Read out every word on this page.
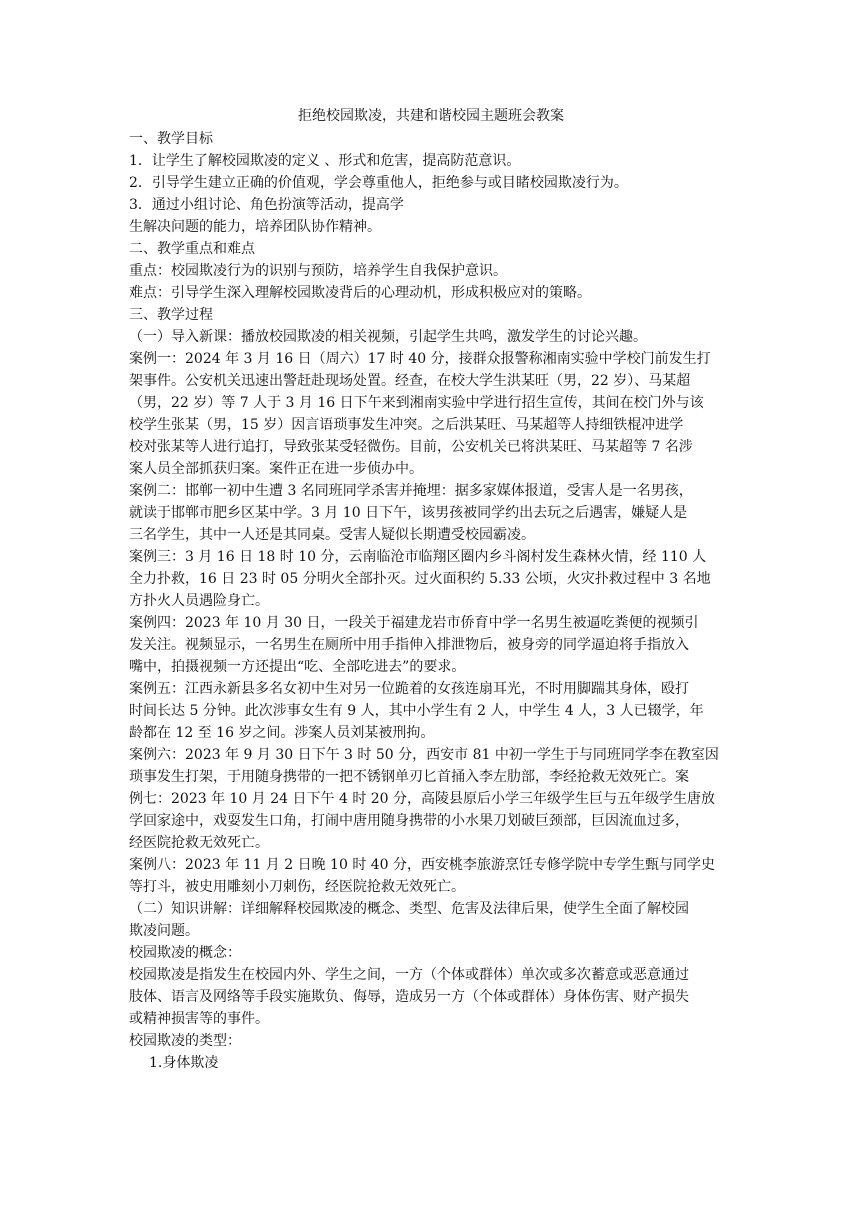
拒绝校园欺凌，共建和谐校园主题班会教案
一、教学目标
1．让学生了解校园欺凌的定义 、形式和危害，提高防范意识。
2．引导学生建立正确的价值观，学会尊重他人，拒绝参与或目睹校园欺凌行为。
3．通过小组讨论、角色扮演等活动，提高学
生解决问题的能力，培养团队协作精神。
二、教学重点和难点
重点：校园欺凌行为的识别与预防，培养学生自我保护意识。
难点：引导学生深入理解校园欺凌背后的心理动机，形成积极应对的策略。
三、教学过程
（一）导入新课：播放校园欺凌的相关视频，引起学生共鸣，激发学生的讨论兴趣。
案例一：2024 年 3 月 16 日（周六）17 时 40 分，接群众报警称湘南实验中学校门前发生打
架事件。公安机关迅速出警赶赴现场处置。经查，在校大学生洪某旺（男，22 岁）、马某超
（男，22 岁）等 7 人于 3 月 16 日下午来到湘南实验中学进行招生宣传，其间在校门外与该
校学生张某（男，15 岁）因言语琐事发生冲突。之后洪某旺、马某超等人持细铁棍冲进学
校对张某等人进行追打，导致张某受轻微伤。目前，公安机关已将洪某旺、马某超等 7 名涉
案人员全部抓获归案。案件正在进一步侦办中。
案例二：邯郸一初中生遭 3 名同班同学杀害并掩埋：据多家媒体报道，受害人是一名男孩，
就读于邯郸市肥乡区某中学。3 月 10 日下午，该男孩被同学约出去玩之后遇害，嫌疑人是
三名学生，其中一人还是其同桌。受害人疑似长期遭受校园霸凌。
案例三：3 月 16 日 18 时 10 分，云南临沧市临翔区圈内乡斗阁村发生森林火情，经 110 人
全力扑救，16 日 23 时 05 分明火全部扑灭。过火面积约 5.33 公顷，火灾扑救过程中 3 名地
方扑火人员遇险身亡。
案例四：2023 年 10 月 30 日，一段关于福建龙岩市侨育中学一名男生被逼吃粪便的视频引
发关注。视频显示，一名男生在厕所中用手指伸入排泄物后，被身旁的同学逼迫将手指放入
嘴中，拍摄视频一方还提出“吃、全部吃进去”的要求。
案例五：江西永新县多名女初中生对另一位跪着的女孩连扇耳光，不时用脚踹其身体，殴打
时间长达 5 分钟。此次涉事女生有 9 人，其中小学生有 2 人，中学生 4 人，3 人已辍学，年
龄都在 12 至 16 岁之间。涉案人员刘某被刑拘。
案例六：2023 年 9 月 30 日下午 3 时 50 分，西安市 81 中初一学生于与同班同学李在教室因
琐事发生打架，于用随身携带的一把不锈钢单刃匕首捅入李左肋部，李经抢救无效死亡。案
例七：2023 年 10 月 24 日下午 4 时 20 分，高陵县原后小学三年级学生巨与五年级学生唐放
学回家途中，戏耍发生口角，打闹中唐用随身携带的小水果刀划破巨颈部，巨因流血过多，
经医院抢救无效死亡。
案例八：2023 年 11 月 2 日晚 10 时 40 分，西安桃李旅游烹饪专修学院中专学生甄与同学史
等打斗，被史用雕刻小刀刺伤，经医院抢救无效死亡。
（二）知识讲解：详细解释校园欺凌的概念、类型、危害及法律后果，使学生全面了解校园
欺凌问题。
校园欺凌的概念：
校园欺凌是指发生在校园内外、学生之间，一方（个体或群体）单次或多次蓄意或恶意通过
肢体、语言及网络等手段实施欺负、侮辱，造成另一方（个体或群体）身体伤害、财产损失
或精神损害等的事件。
校园欺凌的类型：
1.身体欺凌
